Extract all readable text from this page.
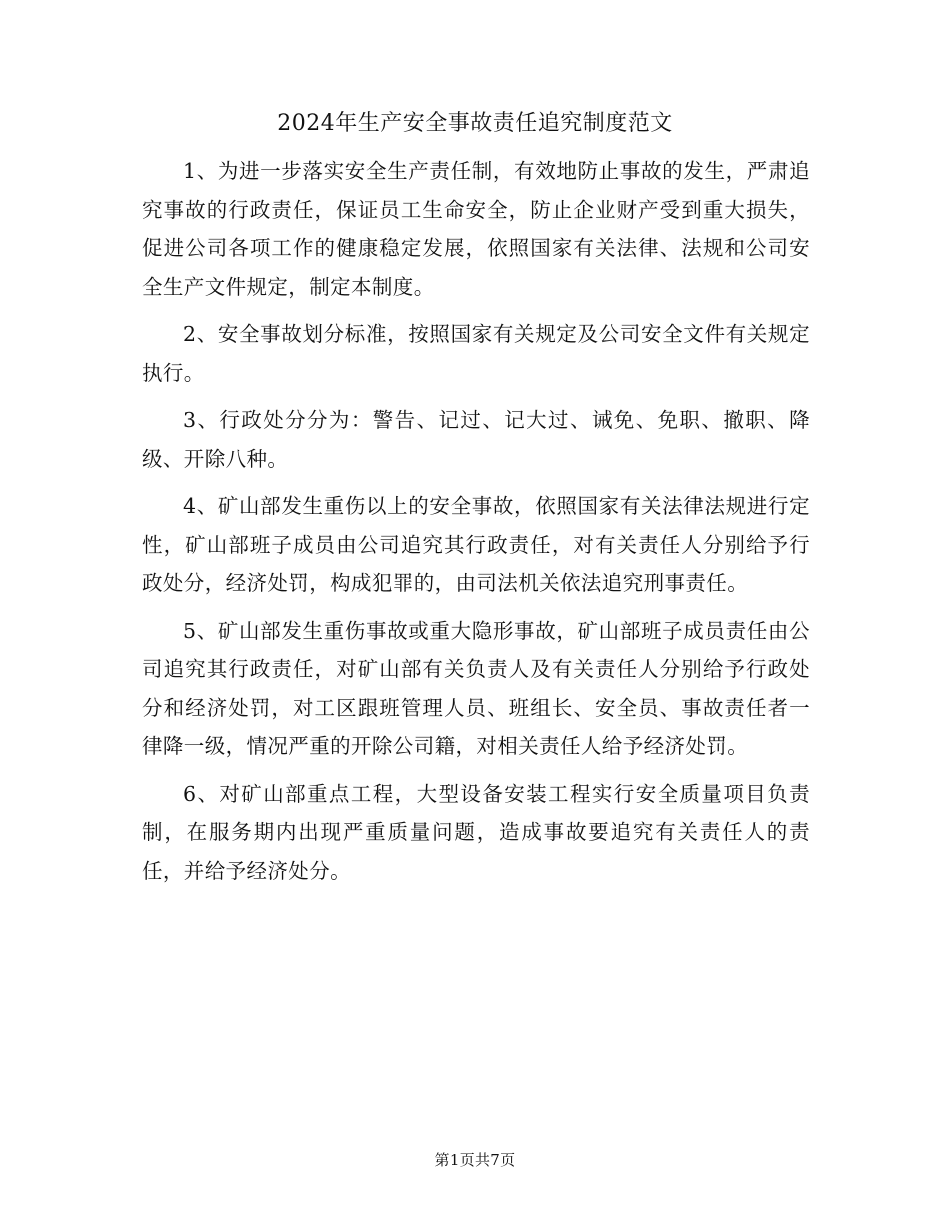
2024年生产安全事故责任追究制度范文

1、为进一步落实安全生产责任制，有效地防止事故的发生，严肃追究事故的行政责任，保证员工生命安全，防止企业财产受到重大损失，促进公司各项工作的健康稳定发展，依照国家有关法律、法规和公司安全生产文件规定，制定本制度。

2、安全事故划分标准，按照国家有关规定及公司安全文件有关规定执行。

3、行政处分分为：警告、记过、记大过、诫免、免职、撤职、降级、开除八种。

4、矿山部发生重伤以上的安全事故，依照国家有关法律法规进行定性，矿山部班子成员由公司追究其行政责任，对有关责任人分别给予行政处分，经济处罚，构成犯罪的，由司法机关依法追究刑事责任。

5、矿山部发生重伤事故或重大隐形事故，矿山部班子成员责任由公司追究其行政责任，对矿山部有关负责人及有关责任人分别给予行政处分和经济处罚，对工区跟班管理人员、班组长、安全员、事故责任者一律降一级，情况严重的开除公司籍，对相关责任人给予经济处罚。

6、对矿山部重点工程，大型设备安装工程实行安全质量项目负责制，在服务期内出现严重质量问题，造成事故要追究有关责任人的责任，并给予经济处分。

第1页共7页
